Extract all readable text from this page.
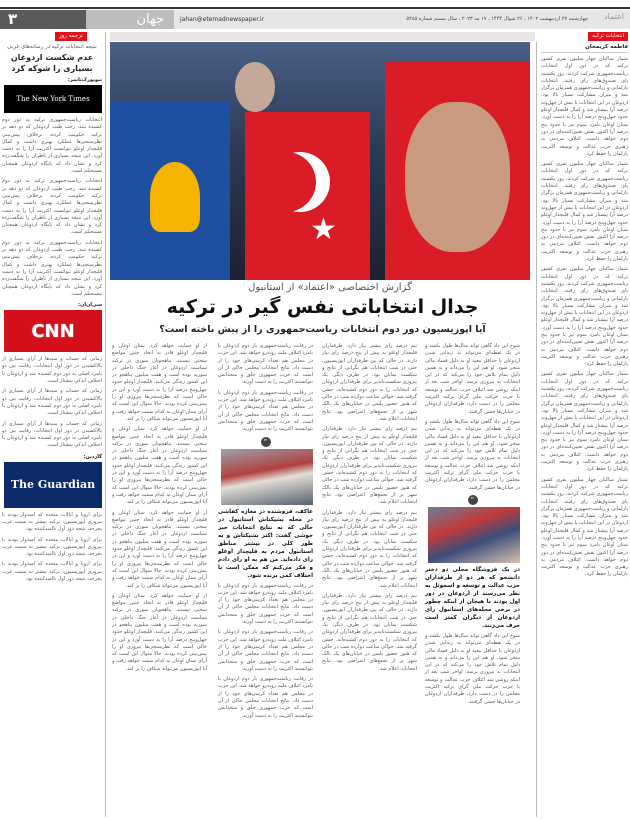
۳	جهان	jahan@etemadnewspaper.ir	چهارشنبه ۲۷ اردیبهشت ۱۴۰۲ ، ۲۶ شوال ۱۴۴۴ ، ۱۷ مه ۲۰۲۳ ، سال بیستم شماره ۵۴۸۵ اعتماد
ترجمه روز	انتخابات ترکیه
نتیجه انتخابات ترکیه در رسانه‌های غربی
عدم شکست اردوغان بسیاری را شوکه کرد
نیویورک‌تایمز:
The New York Times

انتخابات ریاست‌جمهوری ترکیه به دور دوم کشیده شد. رجب طیب اردوغان که دو دهه بر ترکیه حکومت کرده، برخلاف پیش‌بینی نظرسنجی‌ها عملکرد بهتری داشت و کمال قلیچدار اوغلو نتوانست اکثریت آرا را به دست آورد. این نتیجه بسیاری از ناظران را شگفت‌زده کرد و نشان داد که پایگاه اردوغان همچنان مستحکم است.

انتخابات ریاست‌جمهوری ترکیه به دور دوم کشیده شد. رجب طیب اردوغان که دو دهه بر ترکیه حکومت کرده، برخلاف پیش‌بینی نظرسنجی‌ها عملکرد بهتری داشت و کمال قلیچدار اوغلو نتوانست اکثریت آرا را به دست آورد. این نتیجه بسیاری از ناظران را شگفت‌زده کرد و نشان داد که پایگاه اردوغان همچنان مستحکم است.

انتخابات ریاست‌جمهوری ترکیه به دور دوم کشیده شد. رجب طیب اردوغان که دو دهه بر ترکیه حکومت کرده، برخلاف پیش‌بینی نظرسنجی‌ها عملکرد بهتری داشت و کمال قلیچدار اوغلو نتوانست اکثریت آرا را به دست آورد. این نتیجه بسیاری از ناظران را شگفت‌زده کرد و نشان داد که پایگاه اردوغان همچنان مستحکم است.

سی‌ان‌ان:
CNN

زمانی که حساب و سیه‌ها از آرای بسیاری از بالاکشیدن در دور اول انتخابات، رقابت بین دو نامزد اصلی به دور دوم کشیده شد و اردوغان با اختلاف اندکی پیشتاز است.

زمانی که حساب و سیه‌ها از آرای بسیاری از بالاکشیدن در دور اول انتخابات، رقابت بین دو نامزد اصلی به دور دوم کشیده شد و اردوغان با اختلاف اندکی پیشتاز است.

زمانی که حساب و سیه‌ها از آرای بسیاری از بالاکشیدن در دور اول انتخابات، رقابت بین دو نامزد اصلی به دور دوم کشیده شد و اردوغان با اختلاف اندکی پیشتاز است.

گاردین:
The Guardian

برای اروپا و ایالات متحده که امیدوار بودند با پیروزی اپوزیسیون، ترکیه بیشتر به سمت غرب بچرخد، نتیجه دور اول ناامیدکننده بود.

برای اروپا و ایالات متحده که امیدوار بودند با پیروزی اپوزیسیون، ترکیه بیشتر به سمت غرب بچرخد، نتیجه دور اول ناامیدکننده بود.

برای اروپا و ایالات متحده که امیدوار بودند با پیروزی اپوزیسیون، ترکیه بیشتر به سمت غرب بچرخد، نتیجه دور اول ناامیدکننده بود.

★
گزارش اختصاصی «اعتماد» از استانبول
جدال انتخاباتی نفس گیر در ترکیه
آیا اپوزیسیون دور دوم انتخابات ریاست‌جمهوری را از پیش باخته است؟

شوخ این داد گاهی تواند سال‌ها طول بکشد و در یک نقطه‌ای می‌تواند به زندانی شدن اردوغان یا حداقل تبعید او به دلیل فساد مالی منجر شود. او هم این را می‌داند و به همین دلیل تمام تلاش خود را می‌کند که در این انتخابات به پیروزی برسد. اواخر شب بعد از اینکه روشن شد ائتلاف حزب عدالت و توسعه با حزب حرکت ملی گرای ترکیه اکثریت مجلس را در دست دارد، طرفداران اردوغان در خیابان‌ها جشن گرفتند.

شوخ این داد گاهی تواند سال‌ها طول بکشد و در یک نقطه‌ای می‌تواند به زندانی شدن اردوغان یا حداقل تبعید او به دلیل فساد مالی منجر شود. او هم این را می‌داند و به همین دلیل تمام تلاش خود را می‌کند که در این انتخابات به پیروزی برسد. اواخر شب بعد از اینکه روشن شد ائتلاف حزب عدالت و توسعه با حزب حرکت ملی گرای ترکیه اکثریت مجلس را در دست دارد، طرفداران اردوغان در خیابان‌ها جشن گرفتند.

”
در یک فروشگاه محلی دو دختر دانشجو که هر دو از طرفداران حزب عدالت و توسعه و اسموئل به نظر می‌رسند از اردوغان در دور اول بودند با هیجان از اینکه چطور در برخی محله‌های استانبول رای اردوغان از دیگران کمتر است حرف می‌زنند.

شوخ این داد گاهی تواند سال‌ها طول بکشد و در یک نقطه‌ای می‌تواند به زندانی شدن اردوغان یا حداقل تبعید او به دلیل فساد مالی منجر شود. او هم این را می‌داند و به همین دلیل تمام تلاش خود را می‌کند که در این انتخابات به پیروزی برسد. اواخر شب بعد از اینکه روشن شد ائتلاف حزب عدالت و توسعه با حزب حرکت ملی گرای ترکیه اکثریت مجلس را در دست دارد، طرفداران اردوغان در خیابان‌ها جشن گرفتند.

نیم درصد رای بیشتر نیاز دارد. طرفداران قلیچدار اوغلو به پیش از پنج درصد رای نیاز دارند. در حالی که بین طرفداران اپوزیسیون، حتی در شب انتخابات هم نگرانی از نتایج و شکست نمایان بود. در طرف دیگر، یک پیروزی شکست‌ناپذیر برای طرفداران اردوغان که انتخابات را به دور دوم کشیده‌اند، جشن گرفته شد. حوالی ساعت دوازده شب در حالی که هنوز حضور پلیس در خیابان‌های یک‌ بالک شهر پر از تجمع‌های اعتراضی بود، نتایج انتخابات اعلام شد.

نیم درصد رای بیشتر نیاز دارد. طرفداران قلیچدار اوغلو به پیش از پنج درصد رای نیاز دارند. در حالی که بین طرفداران اپوزیسیون، حتی در شب انتخابات هم نگرانی از نتایج و شکست نمایان بود. در طرف دیگر، یک پیروزی شکست‌ناپذیر برای طرفداران اردوغان که انتخابات را به دور دوم کشیده‌اند، جشن گرفته شد. حوالی ساعت دوازده شب در حالی که هنوز حضور پلیس در خیابان‌های یک‌ بالک شهر پر از تجمع‌های اعتراضی بود، نتایج انتخابات اعلام شد.

نیم درصد رای بیشتر نیاز دارد. طرفداران قلیچدار اوغلو به پیش از پنج درصد رای نیاز دارند. در حالی که بین طرفداران اپوزیسیون، حتی در شب انتخابات هم نگرانی از نتایج و شکست نمایان بود. در طرف دیگر، یک پیروزی شکست‌ناپذیر برای طرفداران اردوغان که انتخابات را به دور دوم کشیده‌اند، جشن گرفته شد. حوالی ساعت دوازده شب در حالی که هنوز حضور پلیس در خیابان‌های یک‌ بالک شهر پر از تجمع‌های اعتراضی بود، نتایج انتخابات اعلام شد.

نیم درصد رای بیشتر نیاز دارد. طرفداران قلیچدار اوغلو به پیش از پنج درصد رای نیاز دارند. در حالی که بین طرفداران اپوزیسیون، حتی در شب انتخابات هم نگرانی از نتایج و شکست نمایان بود. در طرف دیگر، یک پیروزی شکست‌ناپذیر برای طرفداران اردوغان که انتخابات را به دور دوم کشیده‌اند، جشن گرفته شد. حوالی ساعت دوازده شب در حالی که هنوز حضور پلیس در خیابان‌های یک‌ بالک شهر پر از تجمع‌های اعتراضی بود، نتایج انتخابات اعلام شد.

در رقابت ریاست‌جمهوری بار دوم اردوغان با نامزد ائتلاف ملت روبه‌رو خواهد شد. این حزب در مجلس هم تعداد کرسی‌های خود را از دست داد. نتایج انتخابات مجلس حاکی از آن است که حزب جمهوری خلق و متحدانش نتوانستند اکثریت را به دست آورند.

در رقابت ریاست‌جمهوری بار دوم اردوغان با نامزد ائتلاف ملت روبه‌رو خواهد شد. این حزب در مجلس هم تعداد کرسی‌های خود را از دست داد. نتایج انتخابات مجلس حاکی از آن است که حزب جمهوری خلق و متحدانش نتوانستند اکثریت را به دست آورند.

”
عاکف، فروشنده در مغازه کفاشی در محله بشیکتاش استانبول در حالی که به نتایج انتخابات خبر خوشی گفت: اکثر بشیکتاش و به طور کلی در بیشتر مناطق استانبول مردم به قلیچدار اوغلو رای داده‌اند. من هم به او رای دادم و فکر می‌کنم که ممکن است با اختلاف کمی برنده شود.

در رقابت ریاست‌جمهوری بار دوم اردوغان با نامزد ائتلاف ملت روبه‌رو خواهد شد. این حزب در مجلس هم تعداد کرسی‌های خود را از دست داد. نتایج انتخابات مجلس حاکی از آن است که حزب جمهوری خلق و متحدانش نتوانستند اکثریت را به دست آورند.

در رقابت ریاست‌جمهوری بار دوم اردوغان با نامزد ائتلاف ملت روبه‌رو خواهد شد. این حزب در مجلس هم تعداد کرسی‌های خود را از دست داد. نتایج انتخابات مجلس حاکی از آن است که حزب جمهوری خلق و متحدانش نتوانستند اکثریت را به دست آورند.

در رقابت ریاست‌جمهوری بار دوم اردوغان با نامزد ائتلاف ملت روبه‌رو خواهد شد. این حزب در مجلس هم تعداد کرسی‌های خود را از دست داد. نتایج انتخابات مجلس حاکی از آن است که حزب جمهوری خلق و متحدانش نتوانستند اکثریت را به دست آورند.

از او حمایت خواهد کرد. سنان اوغان و قلیچدار اوغلو قادر به اتخاذ چنین مواضع سختی نیستند. پناهجویان سوری در ترکیه سیاست اردوغان در آغاز جنگ داخلی در سوریه بوده است و هفت میلیون پناهجو در این کشور زندگی می‌کنند. قلیچدار اوغلو حدود چهل‌وپنج درصد آرا را به دست آورد و این در حالی است که نظرسنجی‌ها پیروزی او را پیش‌بینی کرده بودند. حالا سوال این است که آرای سنان اوغان به کدام سمت خواهد رفت و آیا اپوزیسیون می‌تواند شکاف را پر کند.

از او حمایت خواهد کرد. سنان اوغان و قلیچدار اوغلو قادر به اتخاذ چنین مواضع سختی نیستند. پناهجویان سوری در ترکیه سیاست اردوغان در آغاز جنگ داخلی در سوریه بوده است و هفت میلیون پناهجو در این کشور زندگی می‌کنند. قلیچدار اوغلو حدود چهل‌وپنج درصد آرا را به دست آورد و این در حالی است که نظرسنجی‌ها پیروزی او را پیش‌بینی کرده بودند. حالا سوال این است که آرای سنان اوغان به کدام سمت خواهد رفت و آیا اپوزیسیون می‌تواند شکاف را پر کند.

از او حمایت خواهد کرد. سنان اوغان و قلیچدار اوغلو قادر به اتخاذ چنین مواضع سختی نیستند. پناهجویان سوری در ترکیه سیاست اردوغان در آغاز جنگ داخلی در سوریه بوده است و هفت میلیون پناهجو در این کشور زندگی می‌کنند. قلیچدار اوغلو حدود چهل‌وپنج درصد آرا را به دست آورد و این در حالی است که نظرسنجی‌ها پیروزی او را پیش‌بینی کرده بودند. حالا سوال این است که آرای سنان اوغان به کدام سمت خواهد رفت و آیا اپوزیسیون می‌تواند شکاف را پر کند.

از او حمایت خواهد کرد. سنان اوغان و قلیچدار اوغلو قادر به اتخاذ چنین مواضع سختی نیستند. پناهجویان سوری در ترکیه سیاست اردوغان در آغاز جنگ داخلی در سوریه بوده است و هفت میلیون پناهجو در این کشور زندگی می‌کنند. قلیچدار اوغلو حدود چهل‌وپنج درصد آرا را به دست آورد و این در حالی است که نظرسنجی‌ها پیروزی او را پیش‌بینی کرده بودند. حالا سوال این است که آرای سنان اوغان به کدام سمت خواهد رفت و آیا اپوزیسیون می‌تواند شکاف را پر کند.

فاطمه کریمخان

شمار ساکنان چهار میلیون نفری کشور ترکیه که در دور اول انتخابات ریاست‌جمهوری شرکت کردند، روز یکشنبه پای صندوق‌های رای رفتند. انتخابات پارلمانی و ریاست‌جمهوری همزمان برگزار شد و میزان مشارکت بسیار بالا بود. اردوغان در این انتخابات با بیش از چهل‌ونه درصد آرا پیشتاز شد و کمال قلیچدار اوغلو حدود چهل‌وپنج درصد آرا را به دست آورد. سنان اوغان نامزد سوم نیز با حدود پنج درصد آرا اکنون نقش تعیین‌کننده‌ای در دور دوم خواهد داشت. ائتلاف مردمی به رهبری حزب عدالت و توسعه اکثریت پارلمان را حفظ کرد.

شمار ساکنان چهار میلیون نفری کشور ترکیه که در دور اول انتخابات ریاست‌جمهوری شرکت کردند، روز یکشنبه پای صندوق‌های رای رفتند. انتخابات پارلمانی و ریاست‌جمهوری همزمان برگزار شد و میزان مشارکت بسیار بالا بود. اردوغان در این انتخابات با بیش از چهل‌ونه درصد آرا پیشتاز شد و کمال قلیچدار اوغلو حدود چهل‌وپنج درصد آرا را به دست آورد. سنان اوغان نامزد سوم نیز با حدود پنج درصد آرا اکنون نقش تعیین‌کننده‌ای در دور دوم خواهد داشت. ائتلاف مردمی به رهبری حزب عدالت و توسعه اکثریت پارلمان را حفظ کرد.

شمار ساکنان چهار میلیون نفری کشور ترکیه که در دور اول انتخابات ریاست‌جمهوری شرکت کردند، روز یکشنبه پای صندوق‌های رای رفتند. انتخابات پارلمانی و ریاست‌جمهوری همزمان برگزار شد و میزان مشارکت بسیار بالا بود. اردوغان در این انتخابات با بیش از چهل‌ونه درصد آرا پیشتاز شد و کمال قلیچدار اوغلو حدود چهل‌وپنج درصد آرا را به دست آورد. سنان اوغان نامزد سوم نیز با حدود پنج درصد آرا اکنون نقش تعیین‌کننده‌ای در دور دوم خواهد داشت. ائتلاف مردمی به رهبری حزب عدالت و توسعه اکثریت پارلمان را حفظ کرد.

شمار ساکنان چهار میلیون نفری کشور ترکیه که در دور اول انتخابات ریاست‌جمهوری شرکت کردند، روز یکشنبه پای صندوق‌های رای رفتند. انتخابات پارلمانی و ریاست‌جمهوری همزمان برگزار شد و میزان مشارکت بسیار بالا بود. اردوغان در این انتخابات با بیش از چهل‌ونه درصد آرا پیشتاز شد و کمال قلیچدار اوغلو حدود چهل‌وپنج درصد آرا را به دست آورد. سنان اوغان نامزد سوم نیز با حدود پنج درصد آرا اکنون نقش تعیین‌کننده‌ای در دور دوم خواهد داشت. ائتلاف مردمی به رهبری حزب عدالت و توسعه اکثریت پارلمان را حفظ کرد.

شمار ساکنان چهار میلیون نفری کشور ترکیه که در دور اول انتخابات ریاست‌جمهوری شرکت کردند، روز یکشنبه پای صندوق‌های رای رفتند. انتخابات پارلمانی و ریاست‌جمهوری همزمان برگزار شد و میزان مشارکت بسیار بالا بود. اردوغان در این انتخابات با بیش از چهل‌ونه درصد آرا پیشتاز شد و کمال قلیچدار اوغلو حدود چهل‌وپنج درصد آرا را به دست آورد. سنان اوغان نامزد سوم نیز با حدود پنج درصد آرا اکنون نقش تعیین‌کننده‌ای در دور دوم خواهد داشت. ائتلاف مردمی به رهبری حزب عدالت و توسعه اکثریت پارلمان را حفظ کرد.
